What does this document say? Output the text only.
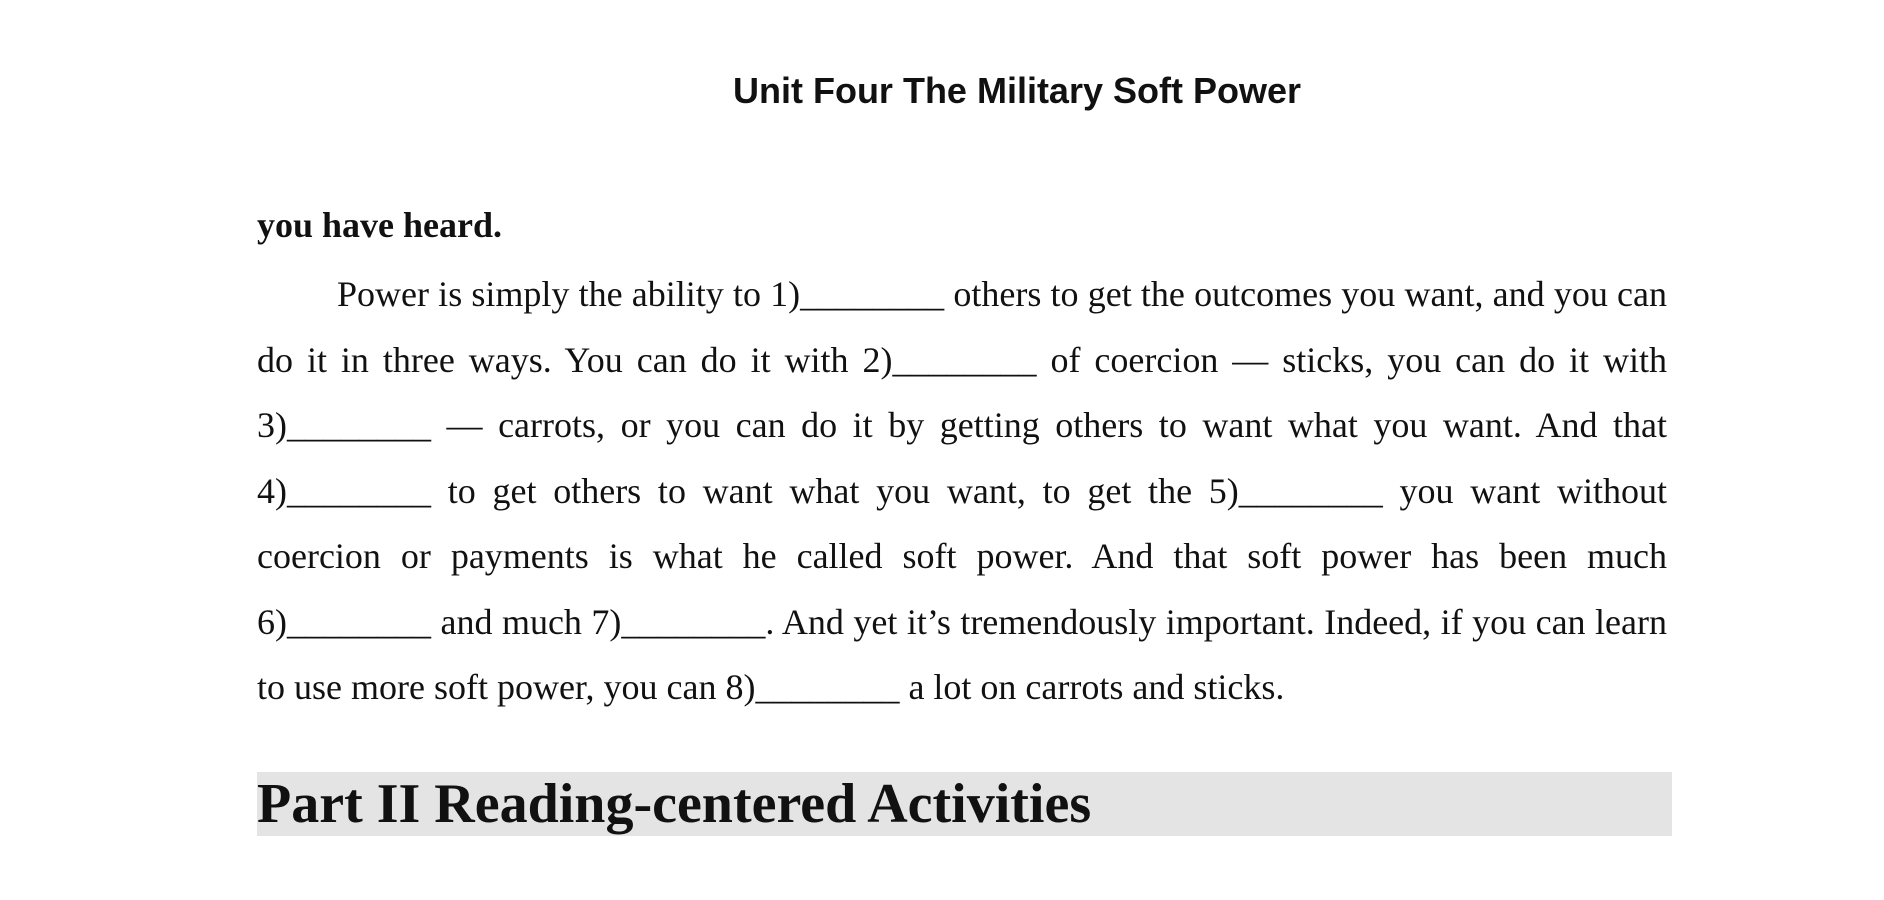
Unit Four The Military Soft Power

you have heard.

Power is simply the ability to 1)________ others to get the outcomes you want, and you can do it in three ways. You can do it with 2)________ of coercion — sticks, you can do it with 3)________ — carrots, or you can do it by getting others to want what you want. And that 4)________ to get others to want what you want, to get the 5)________ you want without coercion or payments is what he called soft power. And that soft power has been much 6)________ and much 7)________. And yet it’s tremendously important. Indeed, if you can learn to use more soft power, you can 8)________ a lot on carrots and sticks.

Part II Reading-centered Activities
